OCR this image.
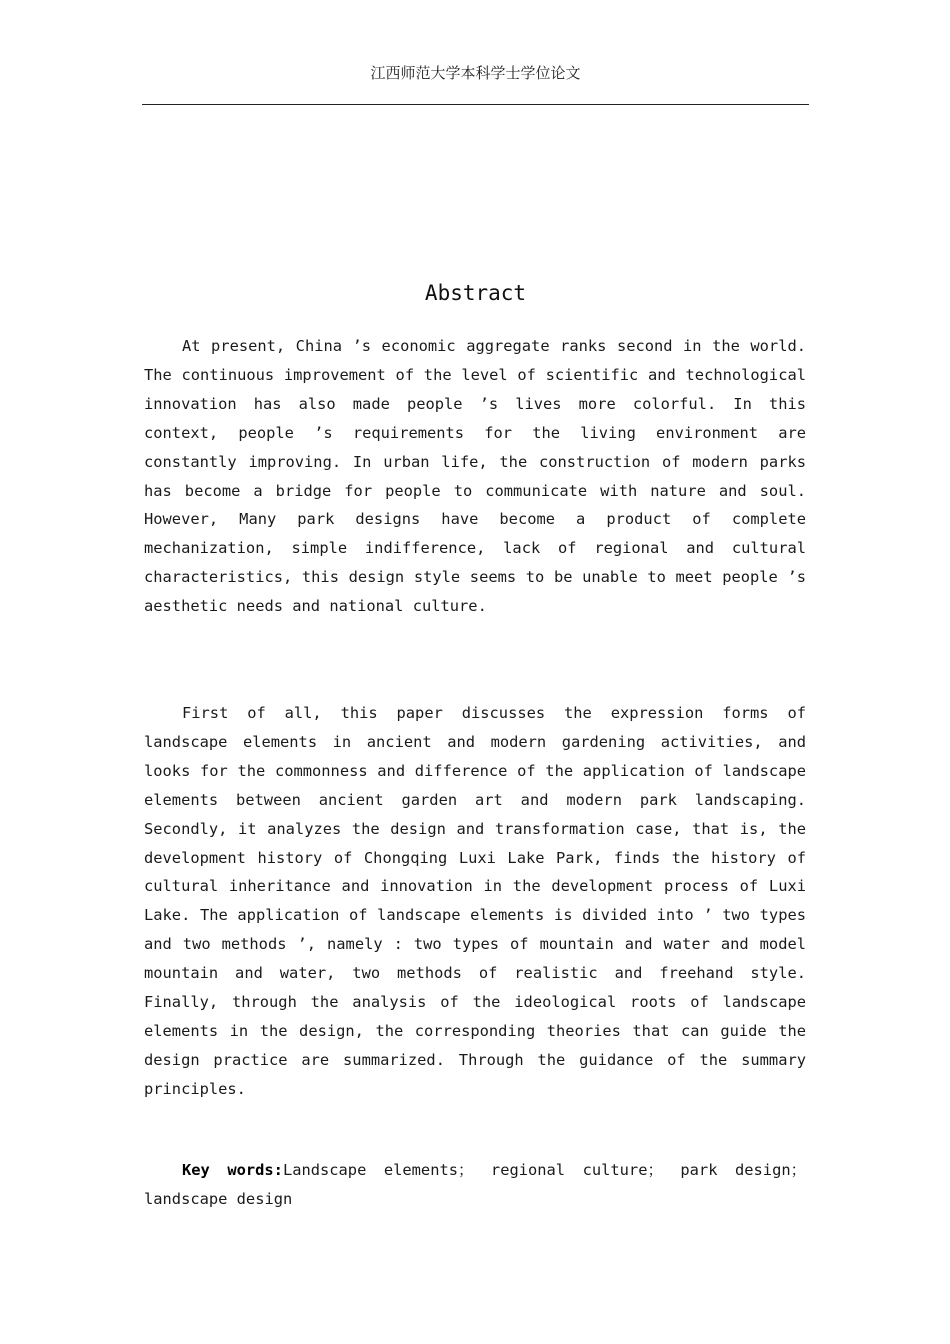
江西师范大学本科学士学位论文
Abstract

At present, China ’s economic aggregate ranks second in the world. The continuous improvement of the level of scientific and technological innovation has also made people ’s lives more colorful. In this context, people ’s requirements for the living environment are constantly improving. In urban life, the construction of modern parks has become a bridge for people to communicate with nature and soul. However, Many park designs have become a product of complete mechanization, simple indifference, lack of regional and cultural characteristics, this design style seems to be unable to meet people ’s aesthetic needs and national culture.

First of all, this paper discusses the expression forms of landscape elements in ancient and modern gardening activities, and looks for the commonness and difference of the application of landscape elements between ancient garden art and modern park landscaping. Secondly, it analyzes the design and transformation case, that is, the development history of Chongqing Luxi Lake Park, finds the history of cultural inheritance and innovation in the development process of Luxi Lake. The application of landscape elements is divided into ’ two types and two methods ’, namely : two types of mountain and water and model mountain and water, two methods of realistic and freehand style. Finally, through the analysis of the ideological roots of landscape elements in the design, the corresponding theories that can guide the design practice are summarized. Through the guidance of the summary principles.

Key words:Landscape elements； regional culture； park design； landscape design
